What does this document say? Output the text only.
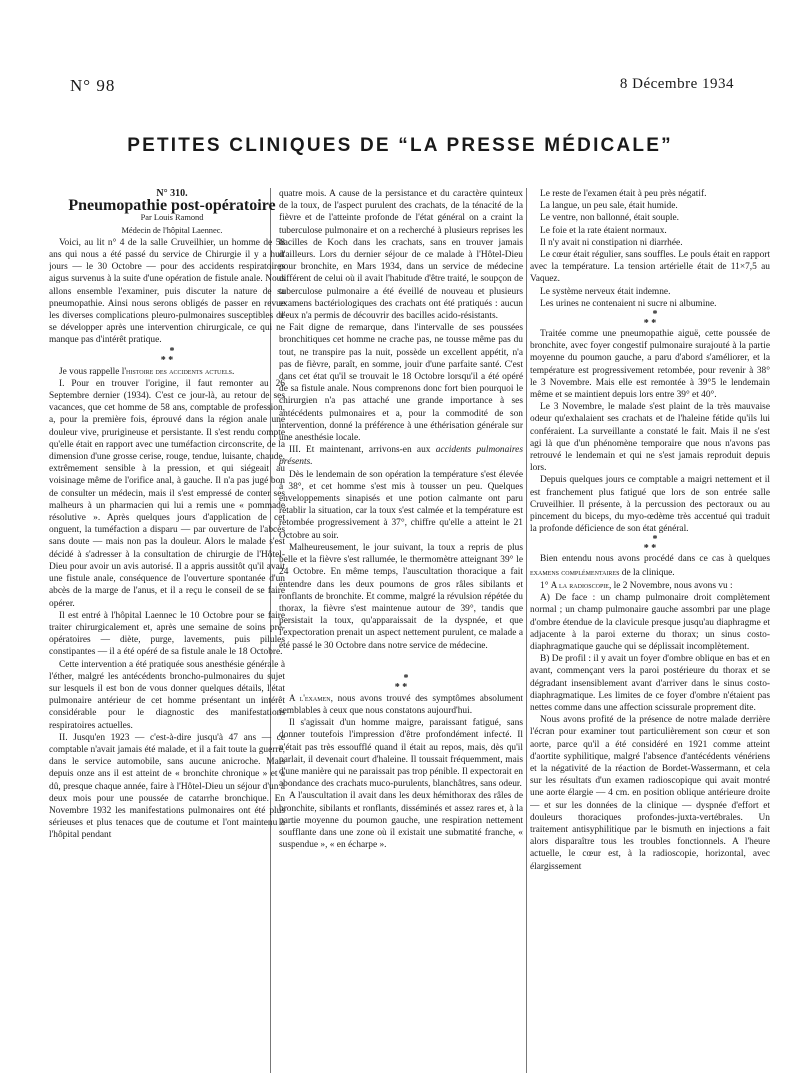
N° 98	8 Décembre 1934
PETITES CLINIQUES DE “LA PRESSE MÉDICALE”

N° 310.

Pneumopathie post-opératoire

Par Louis Ramond

Médecin de l'hôpital Laennec.

Voici, au lit n° 4 de la salle Cruveilhier, un homme de 58 ans qui nous a été passé du service de Chirurgie il y a huit jours — le 30 Octobre — pour des accidents respiratoires aigus survenus à la suite d'une opération de fistule anale. Nous allons ensemble l'examiner, puis discuter la nature de sa pneumopathie. Ainsi nous serons obligés de passer en revue les diverses complications pleuro-pulmonaires susceptibles de se développer après une intervention chirurgicale, ce qui ne manque pas d'intérêt pratique.

*
* *

Je vous rappelle l'histoire des accidents actuels.

I. Pour en trouver l'origine, il faut remonter au 26 Septembre dernier (1934). C'est ce jour-là, au retour de ses vacances, que cet homme de 58 ans, comptable de profession, a, pour la première fois, éprouvé dans la région anale une douleur vive, prurigineuse et persistante. Il s'est rendu compte qu'elle était en rapport avec une tuméfaction circonscrite, de la dimension d'une grosse cerise, rouge, tendue, luisante, chaude, extrêmement sensible à la pression, et qui siégeait au voisinage même de l'orifice anal, à gauche. Il n'a pas jugé bon de consulter un médecin, mais il s'est empressé de conter ses malheurs à un pharmacien qui lui a remis une « pommade résolutive ». Après quelques jours d'application de cet onguent, la tuméfaction a disparu — par ouverture de l'abcès sans doute — mais non pas la douleur. Alors le malade s'est décidé à s'adresser à la consultation de chirurgie de l'Hôtel-Dieu pour avoir un avis autorisé. Il a appris aussitôt qu'il avait une fistule anale, conséquence de l'ouverture spontanée d'un abcès de la marge de l'anus, et il a reçu le conseil de se faire opérer.

Il est entré à l'hôpital Laennec le 10 Octobre pour se faire traiter chirurgicalement et, après une semaine de soins pré-opératoires — diète, purge, lavements, puis pilules constipantes — il a été opéré de sa fistule anale le 18 Octobre.

Cette intervention a été pratiquée sous anesthésie générale à l'éther, malgré les antécédents broncho-pulmonaires du sujet sur lesquels il est bon de vous donner quelques détails, l'état pulmonaire antérieur de cet homme présentant un intérêt considérable pour le diagnostic des manifestations respiratoires actuelles.

II. Jusqu'en 1923 — c'est-à-dire jusqu'à 47 ans — ce comptable n'avait jamais été malade, et il a fait toute la guerre, dans le service automobile, sans aucune anicroche. Mais depuis onze ans il est atteint de « bronchite chronique » et a dû, presque chaque année, faire à l'Hôtel-Dieu un séjour d'un à deux mois pour une poussée de catarrhe bronchique. En Novembre 1932 les manifestations pulmonaires ont été plus sérieuses et plus tenaces que de coutume et l'ont maintenu à l'hôpital pendant

quatre mois. A cause de la persistance et du caractère quinteux de la toux, de l'aspect purulent des crachats, de la ténacité de la fièvre et de l'atteinte profonde de l'état général on a craint la tuberculose pulmonaire et on a recherché à plusieurs reprises les bacilles de Koch dans les crachats, sans en trouver jamais d'ailleurs. Lors du dernier séjour de ce malade à l'Hôtel-Dieu pour bronchite, en Mars 1934, dans un service de médecine différent de celui où il avait l'habitude d'être traité, le soupçon de tuberculose pulmonaire a été éveillé de nouveau et plusieurs examens bactériologiques des crachats ont été pratiqués : aucun d'eux n'a permis de découvrir des bacilles acido-résistants.

Fait digne de remarque, dans l'intervalle de ses poussées bronchitiques cet homme ne crache pas, ne tousse même pas du tout, ne transpire pas la nuit, possède un excellent appétit, n'a pas de fièvre, paraît, en somme, jouir d'une parfaite santé. C'est dans cet état qu'il se trouvait le 18 Octobre lorsqu'il a été opéré de sa fistule anale. Nous comprenons donc fort bien pourquoi le chirurgien n'a pas attaché une grande importance à ses antécédents pulmonaires et a, pour la commodité de son intervention, donné la préférence à une éthérisation générale sur une anesthésie locale.

III. Et maintenant, arrivons-en aux accidents pulmonaires présents.

Dès le lendemain de son opération la température s'est élevée à 38°, et cet homme s'est mis à tousser un peu. Quelques enveloppements sinapisés et une potion calmante ont paru rétablir la situation, car la toux s'est calmée et la température est retombée progressivement à 37°, chiffre qu'elle a atteint le 21 Octobre au soir.

Malheureusement, le jour suivant, la toux a repris de plus belle et la fièvre s'est rallumée, le thermomètre atteignant 39° le 24 Octobre. En même temps, l'auscultation thoracique a fait entendre dans les deux poumons de gros râles sibilants et ronflants de bronchite. Et comme, malgré la révulsion répétée du thorax, la fièvre s'est maintenue autour de 39°, tandis que persistait la toux, qu'apparaissait de la dyspnée, et que l'expectoration prenait un aspect nettement purulent, ce malade a été passé le 30 Octobre dans notre service de médecine.

*
* *

A l'examen, nous avons trouvé des symptômes absolument semblables à ceux que nous constatons aujourd'hui.

Il s'agissait d'un homme maigre, paraissant fatigué, sans donner toutefois l'impression d'être profondément infecté. Il n'était pas très essoufflé quand il était au repos, mais, dès qu'il parlait, il devenait court d'haleine. Il toussait fréquemment, mais d'une manière qui ne paraissait pas trop pénible. Il expectorait en abondance des crachats muco-purulents, blanchâtres, sans odeur.

A l'auscultation il avait dans les deux hémithorax des râles de bronchite, sibilants et ronflants, disséminés et assez rares et, à la partie moyenne du poumon gauche, une respiration nettement soufflante dans une zone où il existait une submatité franche, « suspendue », « en écharpe ».

Le reste de l'examen était à peu près négatif.

La langue, un peu sale, était humide.

Le ventre, non ballonné, était souple.

Le foie et la rate étaient normaux.

Il n'y avait ni constipation ni diarrhée.

Le cœur était régulier, sans souffles. Le pouls était en rapport avec la température. La tension artérielle était de 11×7,5 au Vaquez.

Le système nerveux était indemne.

Les urines ne contenaient ni sucre ni albumine.

*
* *

Traitée comme une pneumopathie aiguë, cette poussée de bronchite, avec foyer congestif pulmonaire surajouté à la partie moyenne du poumon gauche, a paru d'abord s'améliorer, et la température est progressivement retombée, pour revenir à 38° le 3 Novembre. Mais elle est remontée à 39°5 le lendemain même et se maintient depuis lors entre 39° et 40°.

Le 3 Novembre, le malade s'est plaint de la très mauvaise odeur qu'exhalaient ses crachats et de l'haleine fétide qu'ils lui conféraient. La surveillante a constaté le fait. Mais il ne s'est agi là que d'un phénomène temporaire que nous n'avons pas retrouvé le lendemain et qui ne s'est jamais reproduit depuis lors.

Depuis quelques jours ce comptable a maigri nettement et il est franchement plus fatigué que lors de son entrée salle Cruveilhier. Il présente, à la percussion des pectoraux ou au pincement du biceps, du myo-œdème très accentué qui traduit la profonde déficience de son état général.

*
* *

Bien entendu nous avons procédé dans ce cas à quelques examens complémentaires de la clinique.

1° A la radioscopie, le 2 Novembre, nous avons vu :

A) De face : un champ pulmonaire droit complètement normal ; un champ pulmonaire gauche assombri par une plage d'ombre étendue de la clavicule presque jusqu'au diaphragme et adjacente à la paroi externe du thorax; un sinus costo-diaphragmatique gauche qui se déplissait incomplètement.

B) De profil : il y avait un foyer d'ombre oblique en bas et en avant, commençant vers la paroi postérieure du thorax et se dégradant insensiblement avant d'arriver dans le sinus costo-diaphragmatique. Les limites de ce foyer d'ombre n'étaient pas nettes comme dans une affection scissurale proprement dite.

Nous avons profité de la présence de notre malade derrière l'écran pour examiner tout particulièrement son cœur et son aorte, parce qu'il a été considéré en 1921 comme atteint d'aortite syphilitique, malgré l'absence d'antécédents vénériens et la négativité de la réaction de Bordet-Wassermann, et cela sur les résultats d'un examen radioscopique qui avait montré une aorte élargie — 4 cm. en position oblique antérieure droite — et sur les données de la clinique — dyspnée d'effort et douleurs thoraciques profondes-juxta-vertébrales. Un traitement antisyphilitique par le bismuth en injections a fait alors disparaître tous les troubles fonctionnels. A l'heure actuelle, le cœur est, à la radioscopie, horizontal, avec élargissement
